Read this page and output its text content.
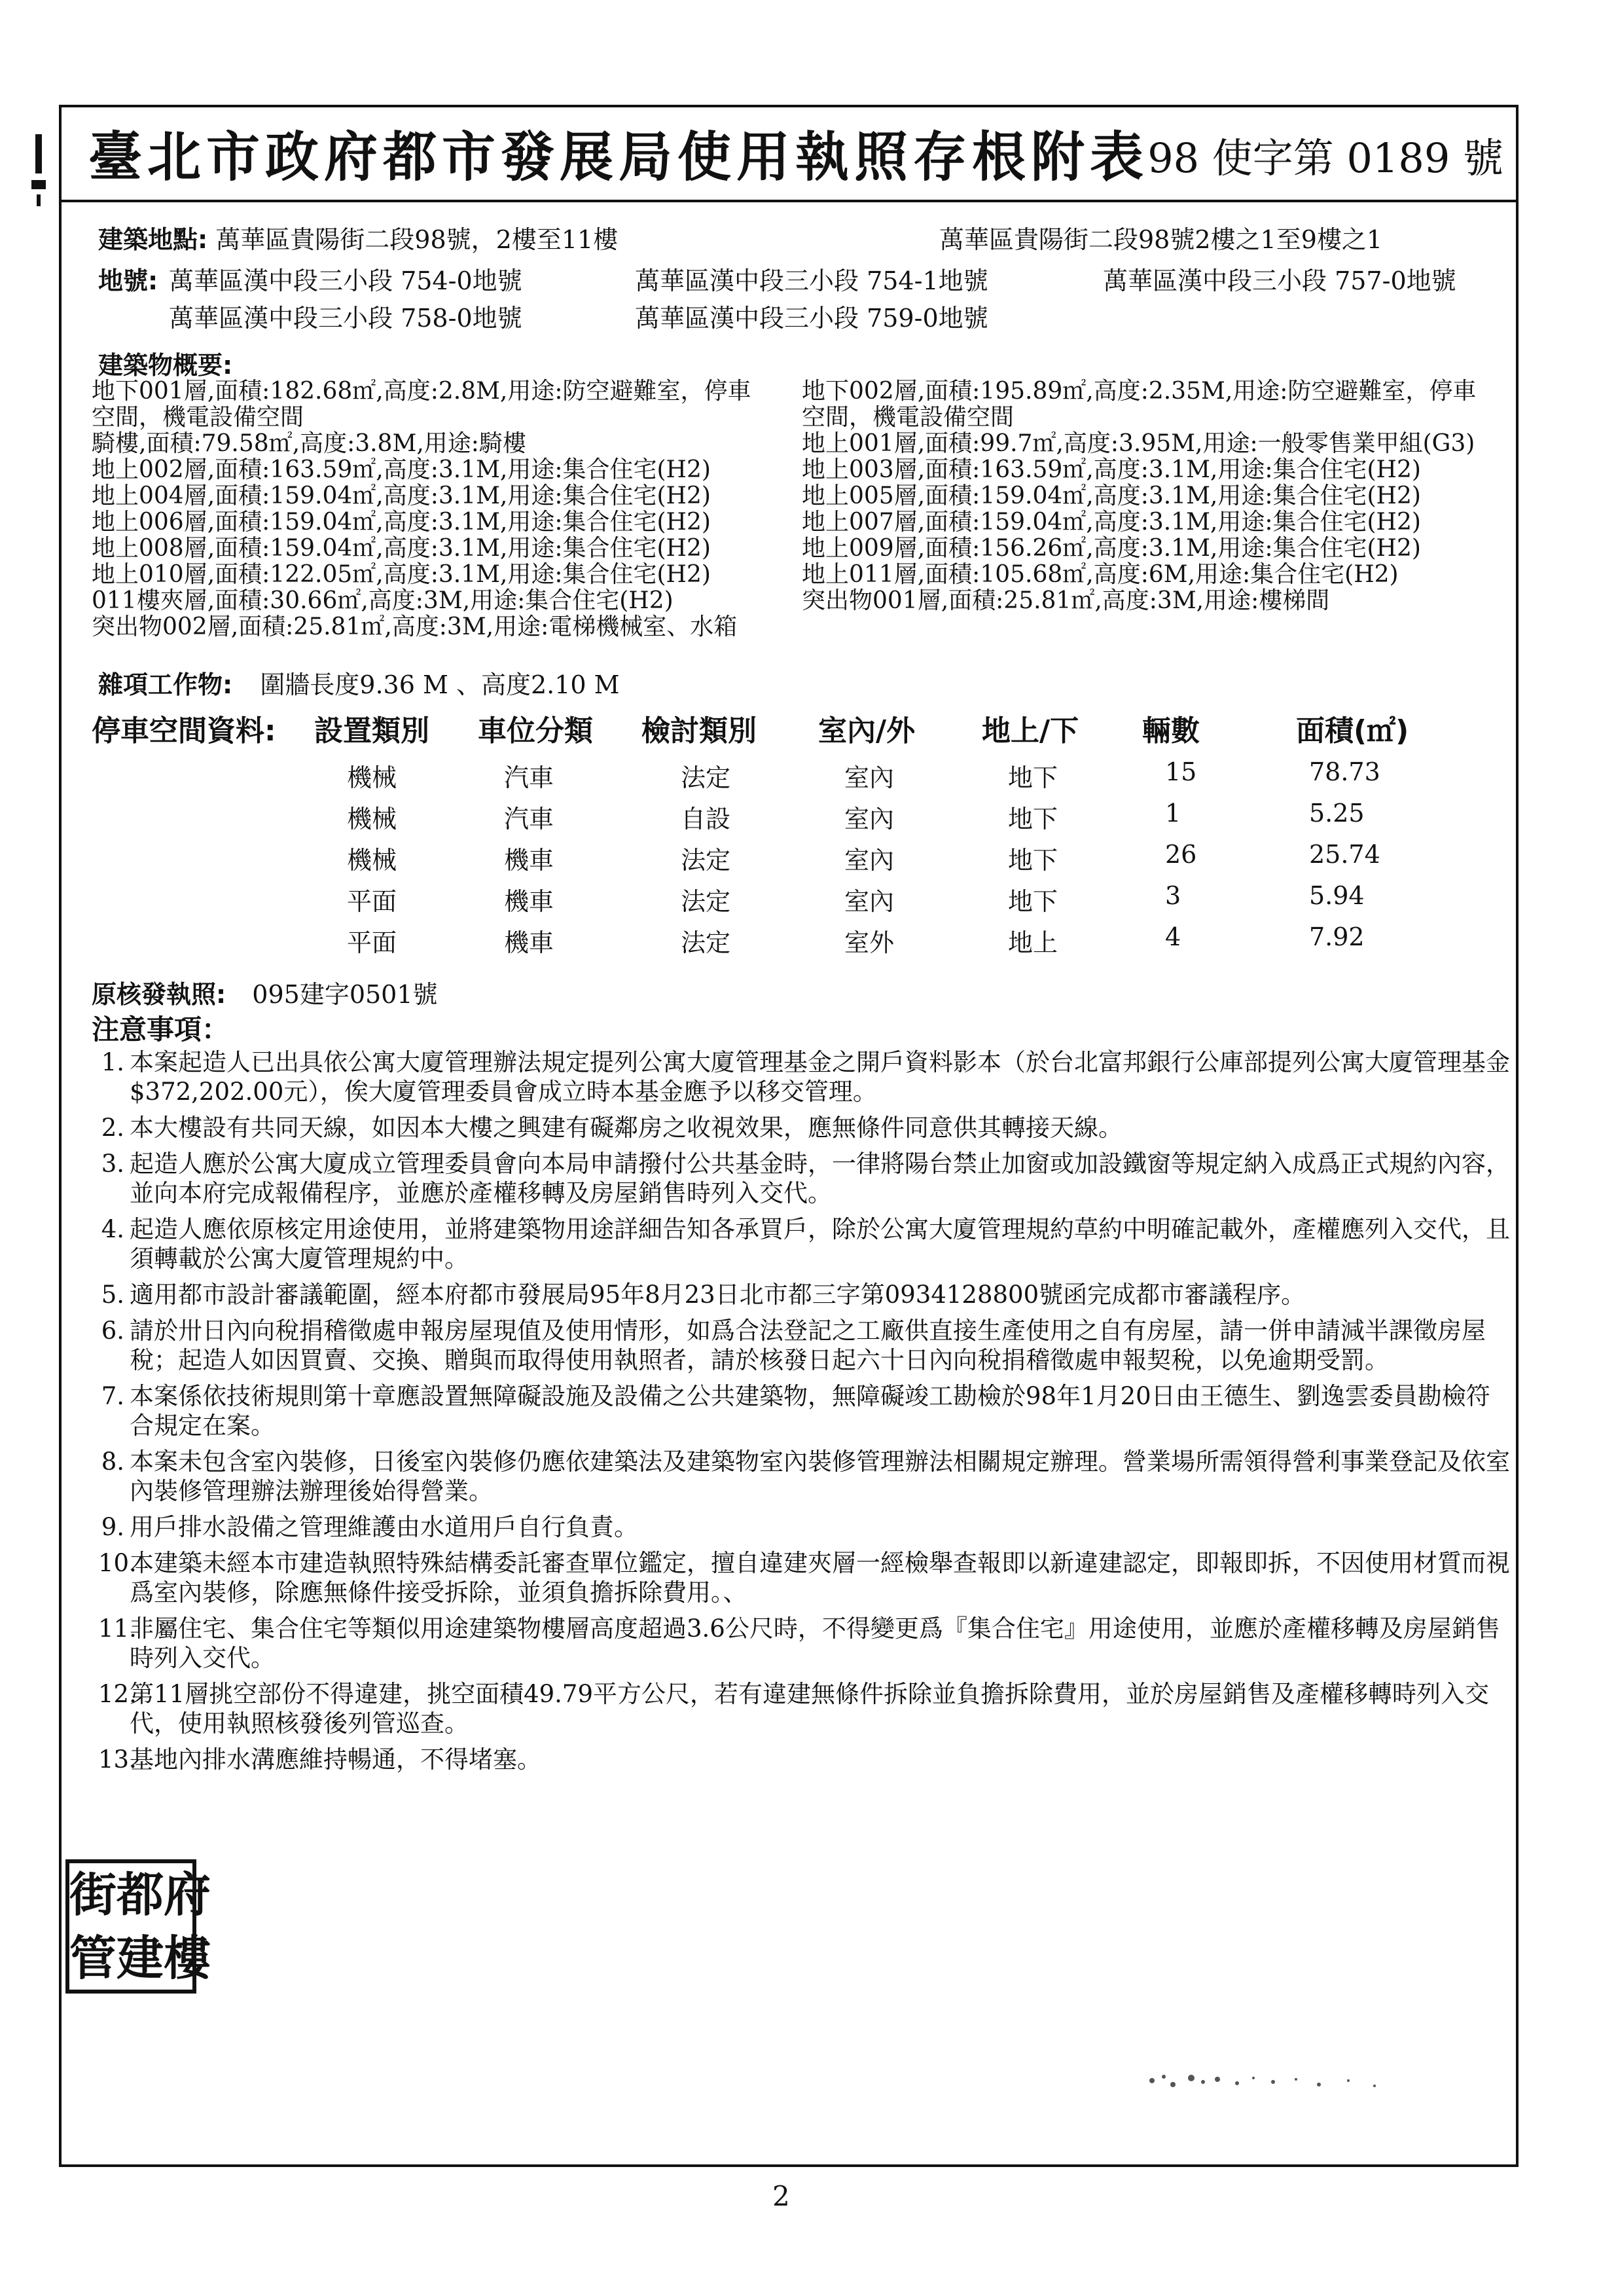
臺北市政府都市發展局使用執照存根附表
98 使字第 0189 號
建築地點: 萬華區貴陽街二段98號，2樓至11樓	萬華區貴陽街二段98號2樓之1至9樓之1
地號: 萬華區漢中段三小段 754-0地號	萬華區漢中段三小段 754-1地號	萬華區漢中段三小段 757-0地號
萬華區漢中段三小段 758-0地號	萬華區漢中段三小段 759-0地號
建築物概要:
地下001層,面積:182.68㎡,高度:2.8M,用途:防空避難室，停車
空間，機電設備空間
騎樓,面積:79.58㎡,高度:3.8M,用途:騎樓
地上002層,面積:163.59㎡,高度:3.1M,用途:集合住宅(H2)
地上004層,面積:159.04㎡,高度:3.1M,用途:集合住宅(H2)
地上006層,面積:159.04㎡,高度:3.1M,用途:集合住宅(H2)
地上008層,面積:159.04㎡,高度:3.1M,用途:集合住宅(H2)
地上010層,面積:122.05㎡,高度:3.1M,用途:集合住宅(H2)
011樓夾層,面積:30.66㎡,高度:3M,用途:集合住宅(H2)
突出物002層,面積:25.81㎡,高度:3M,用途:電梯機械室、水箱
地下002層,面積:195.89㎡,高度:2.35M,用途:防空避難室，停車
空間，機電設備空間
地上001層,面積:99.7㎡,高度:3.95M,用途:一般零售業甲組(G3)
地上003層,面積:163.59㎡,高度:3.1M,用途:集合住宅(H2)
地上005層,面積:159.04㎡,高度:3.1M,用途:集合住宅(H2)
地上007層,面積:159.04㎡,高度:3.1M,用途:集合住宅(H2)
地上009層,面積:156.26㎡,高度:3.1M,用途:集合住宅(H2)
地上011層,面積:105.68㎡,高度:6M,用途:集合住宅(H2)
突出物001層,面積:25.81㎡,高度:3M,用途:樓梯間
雜項工作物: 圍牆長度9.36 M 、高度2.10 M
停車空間資料: 設置類別 車位分類 檢討類別 室內/外 地上/下 輛數	面積(㎡)
機械	汽車	法定	室內	地下	15	78.73
機械	汽車	自設	室內	地下	1	5.25
機械	機車	法定	室內	地下	26	25.74
平面	機車	法定	室內	地下	3	5.94
平面	機車	法定	室外	地上	4	7.92
原核發執照: 095建字0501號
注意事項：
1. 本案起造人已出具依公寓大廈管理辦法規定提列公寓大廈管理基金之開戶資料影本（於台北富邦銀行公庫部提列公寓大廈管理基金$372,202.00元），俟大廈管理委員會成立時本基金應予以移交管理。
2. 本大樓設有共同天線，如因本大樓之興建有礙鄰房之收視效果，應無條件同意供其轉接天線。
3. 起造人應於公寓大廈成立管理委員會向本局申請撥付公共基金時，一律將陽台禁止加窗或加設鐵窗等規定納入成爲正式規約內容，並向本府完成報備程序，並應於產權移轉及房屋銷售時列入交代。
4. 起造人應依原核定用途使用，並將建築物用途詳細告知各承買戶，除於公寓大廈管理規約草約中明確記載外，產權應列入交代，且須轉載於公寓大廈管理規約中。
5. 適用都市設計審議範圍，經本府都市發展局95年8月23日北市都三字第0934128800號函完成都市審議程序。
6. 請於卅日內向稅捐稽徵處申報房屋現值及使用情形，如爲合法登記之工廠供直接生產使用之自有房屋，請一併申請減半課徵房屋稅；起造人如因買賣、交換、贈與而取得使用執照者，請於核發日起六十日內向稅捐稽徵處申報契稅，以免逾期受罰。
7. 本案係依技術規則第十章應設置無障礙設施及設備之公共建築物，無障礙竣工勘檢於98年1月20日由王德生、劉逸雲委員勘檢符合規定在案。
8. 本案未包含室內裝修，日後室內裝修仍應依建築法及建築物室內裝修管理辦法相關規定辦理。營業場所需領得營利事業登記及依室內裝修管理辦法辦理後始得營業。
9. 用戶排水設備之管理維護由水道用戶自行負責。
10.
本建築未經本市建造執照特殊結構委託審查單位鑑定，擅自違建夾層一經檢舉查報即以新違建認定，即報即拆，不因使用材質而視爲室內裝修，除應無條件接受拆除，並須負擔拆除費用。、
11.
非屬住宅、集合住宅等類似用途建築物樓層高度超過3.6公尺時，不得變更爲『集合住宅』用途使用，並應於產權移轉及房屋銷售時列入交代。
12.
第11層挑空部份不得違建，挑空面積49.79平方公尺，若有違建無條件拆除並負擔拆除費用，並於房屋銷售及產權移轉時列入交代，使用執照核發後列管巡查。
13.
基地內排水溝應維持暢通，不得堵塞。
街 都 府
管 建 樓
2
